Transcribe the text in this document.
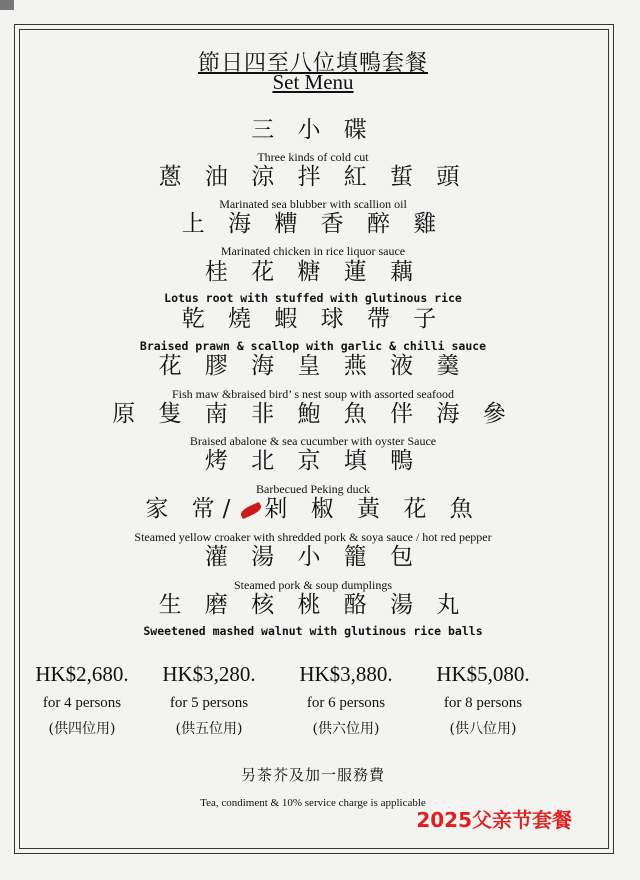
節日四至八位填鴨套餐
Set Menu
三 小 碟
Three kinds of cold cut
蔥 油 涼 拌 紅 蜇 頭
Marinated sea blubber with scallion oil
上 海 糟 香 醉 雞
Marinated chicken in rice liquor sauce
桂 花 糖 蓮 藕
Lotus root with stuffed with glutinous rice
乾 燒 蝦 球 帶 子
Braised prawn & scallop with garlic & chilli sauce
花 膠 海 皇 燕 液 羹
Fish maw &braised bird’ s nest soup with assorted seafood
原 隻 南 非 鮑 魚 伴 海 參
Braised abalone & sea cucumber with oyster Sauce
烤 北 京 填 鴨
Barbecued Peking duck
家 常/ 剁 椒 黃 花 魚
Steamed yellow croaker with shredded pork & soya sauce / hot red pepper
灌 湯 小 籠 包
Steamed pork & soup dumplings
生 磨 核 桃 酪 湯 丸
Sweetened mashed walnut with glutinous rice balls
HK$2,680.
for 4 persons
(供四位用)
HK$3,280.
for 5 persons
(供五位用)
HK$3,880.
for 6 persons
(供六位用)
HK$5,080.
for 8 persons
(供八位用)
另茶芥及加一服務費
Tea, condiment & 10% service charge is applicable
2025父亲节套餐
